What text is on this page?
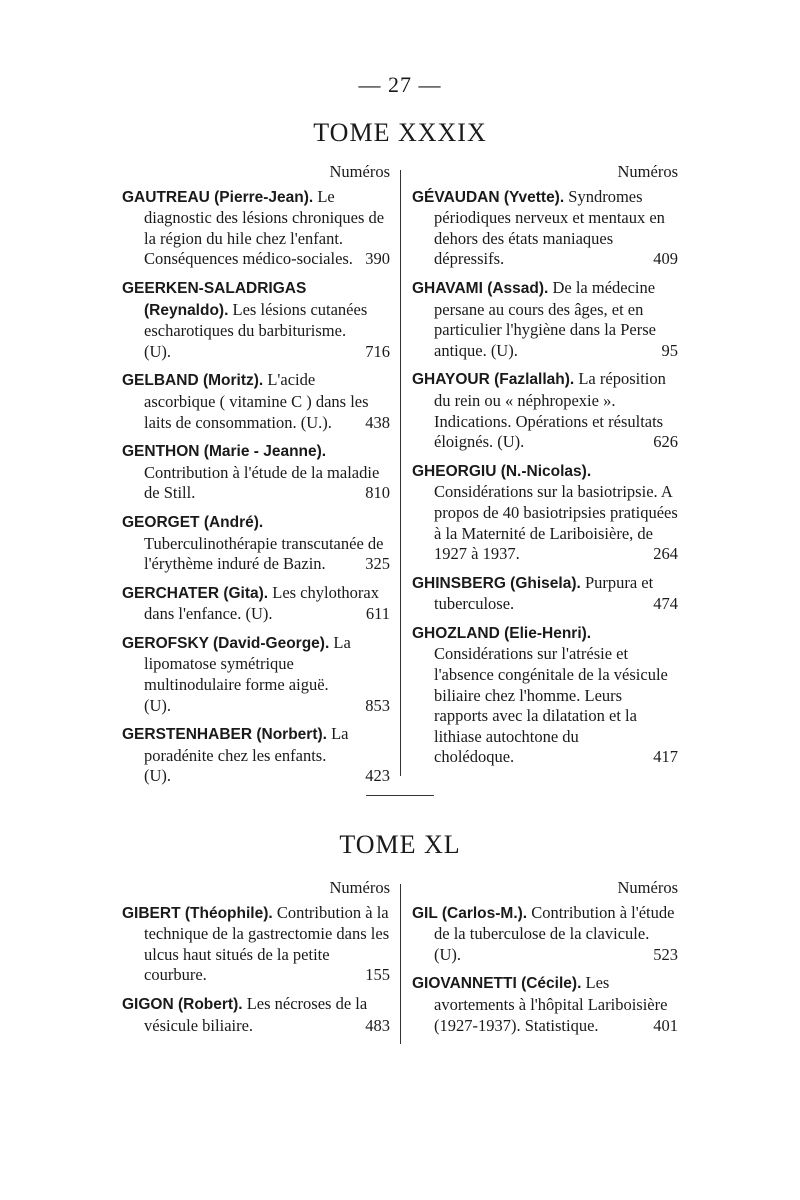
— 27 —
TOME XXXIX
Numéros
GAUTREAU (Pierre-Jean). Le diagnostic des lésions chroniques de la région du hile chez l'enfant. Conséquences médico-sociales. 390
GEERKEN-SALADRIGAS (Reynaldo). Les lésions cutanées escharotiques du barbiturisme. (U).	716
GELBAND (Moritz). L'acide ascorbique ( vitamine C ) dans les laits de consommation. (U.). 438
GENTHON (Marie - Jeanne). Contribution à l'étude de la maladie de Still.	810
GEORGET (André). Tuberculinothérapie transcutanée de l'érythème induré de Bazin. 325
GERCHATER (Gita). Les chylothorax dans l'enfance. (U).	611
GEROFSKY (David-George). La lipomatose symétrique multinodulaire forme aiguë. (U).	853
GERSTENHABER (Norbert). La poradénite chez les enfants. (U).	423
Numéros
GÉVAUDAN (Yvette). Syndromes périodiques nerveux et mentaux en dehors des états maniaques dépressifs.	409
GHAVAMI (Assad). De la médecine persane au cours des âges, et en particulier l'hygiène dans la Perse antique. (U).	95
GHAYOUR (Fazlallah). La réposition du rein ou « néphropexie ». Indications. Opérations et résultats éloignés. (U).	626
GHEORGIU (N.-Nicolas). Considérations sur la basiotripsie. A propos de 40 basiotripsies pratiquées à la Maternité de Lariboisière, de 1927 à 1937.	264
GHINSBERG (Ghisela). Purpura et tuberculose.	474
GHOZLAND (Elie-Henri). Considérations sur l'atrésie et l'absence congénitale de la vésicule biliaire chez l'homme. Leurs rapports avec la dilatation et la lithiase autochtone du cholédoque.	417
TOME XL
Numéros
GIBERT (Théophile). Contribution à la technique de la gastrectomie dans les ulcus haut situés de la petite courbure.	155
GIGON (Robert). Les nécroses de la vésicule biliaire.	483
Numéros
GIL (Carlos-M.). Contribution à l'étude de la tuberculose de la clavicule. (U).	523
GIOVANNETTI (Cécile). Les avortements à l'hôpital Lariboisière (1927-1937). Statistique.	401
